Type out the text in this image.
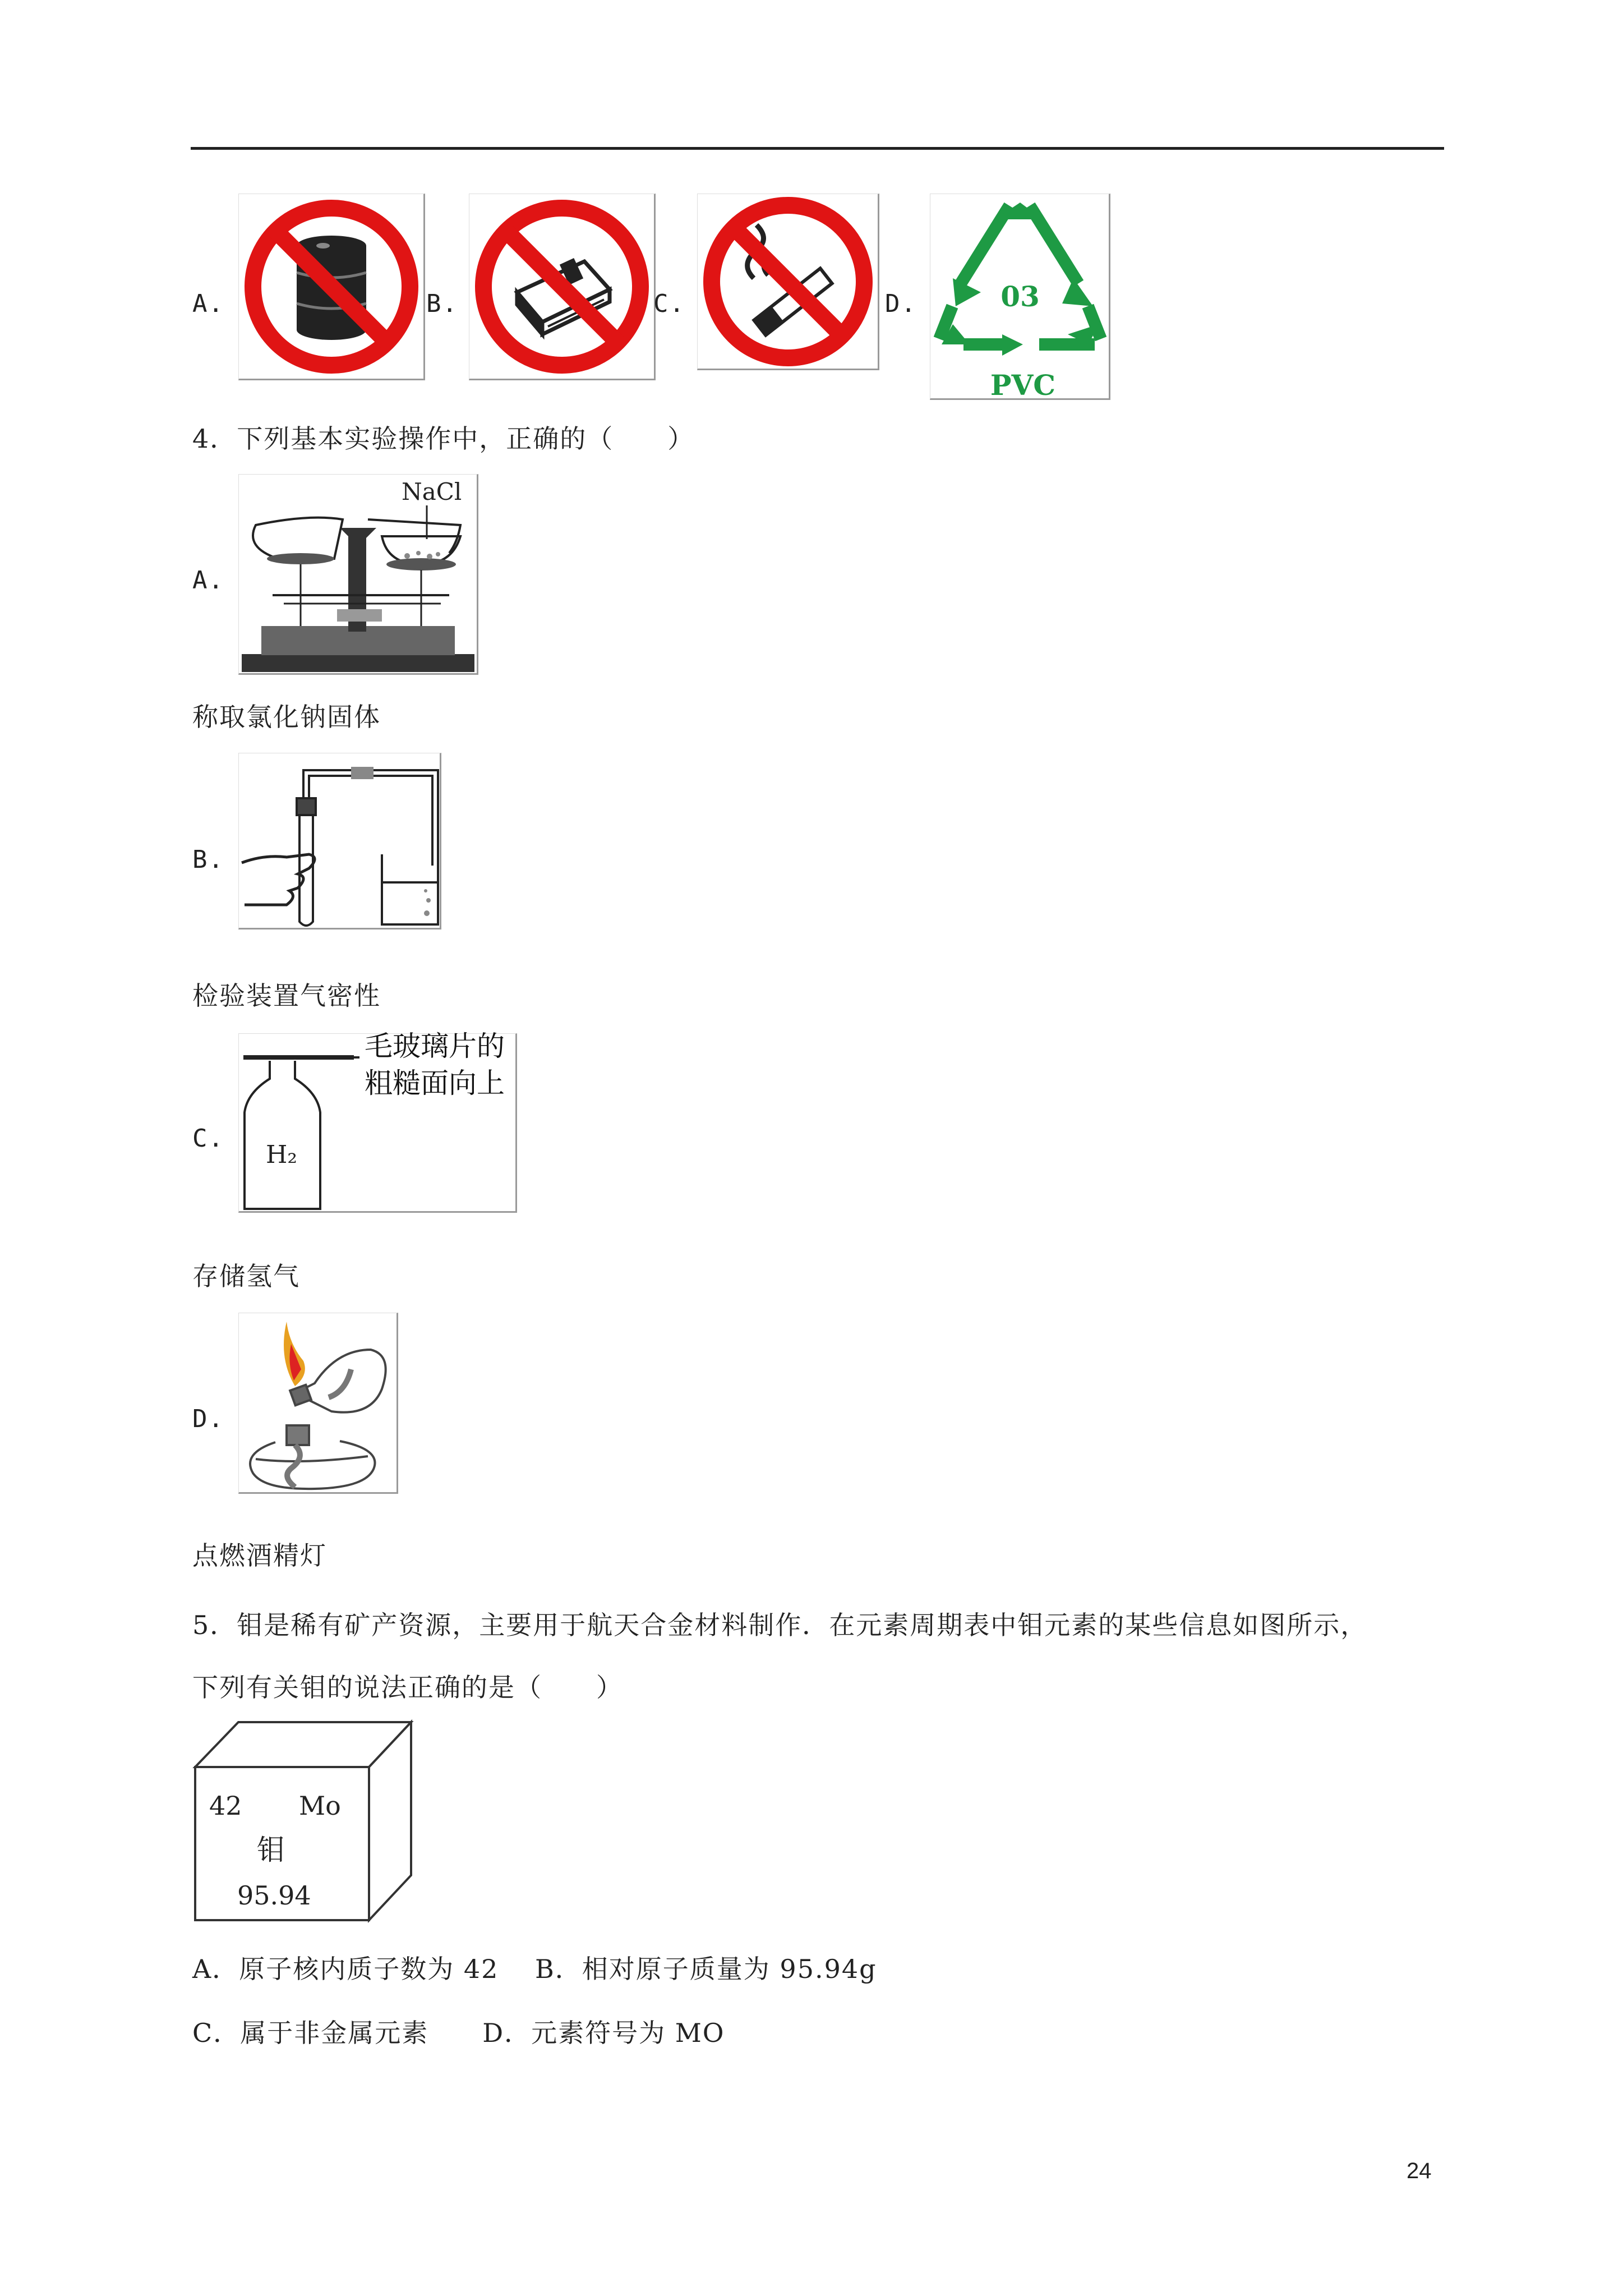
A.	B.	C.	D.	03
PVC
4．下列基本实验操作中，正确的（　　）
A.
NaCl
称取氯化钠固体
B.
检验装置气密性
C.
H₂
毛玻璃片的
粗糙面向上
存储氢气
D.
点燃酒精灯
5．钼是稀有矿产资源，主要用于航天合金材料制作．在元素周期表中钼元素的某些信息如图所示，
下列有关钼的说法正确的是（　　）
42 Mo
钼
95.94
A．原子核内质子数为 42　 B．相对原子质量为 95.94g
C．属于非金属元素　　D．元素符号为 MO
24
